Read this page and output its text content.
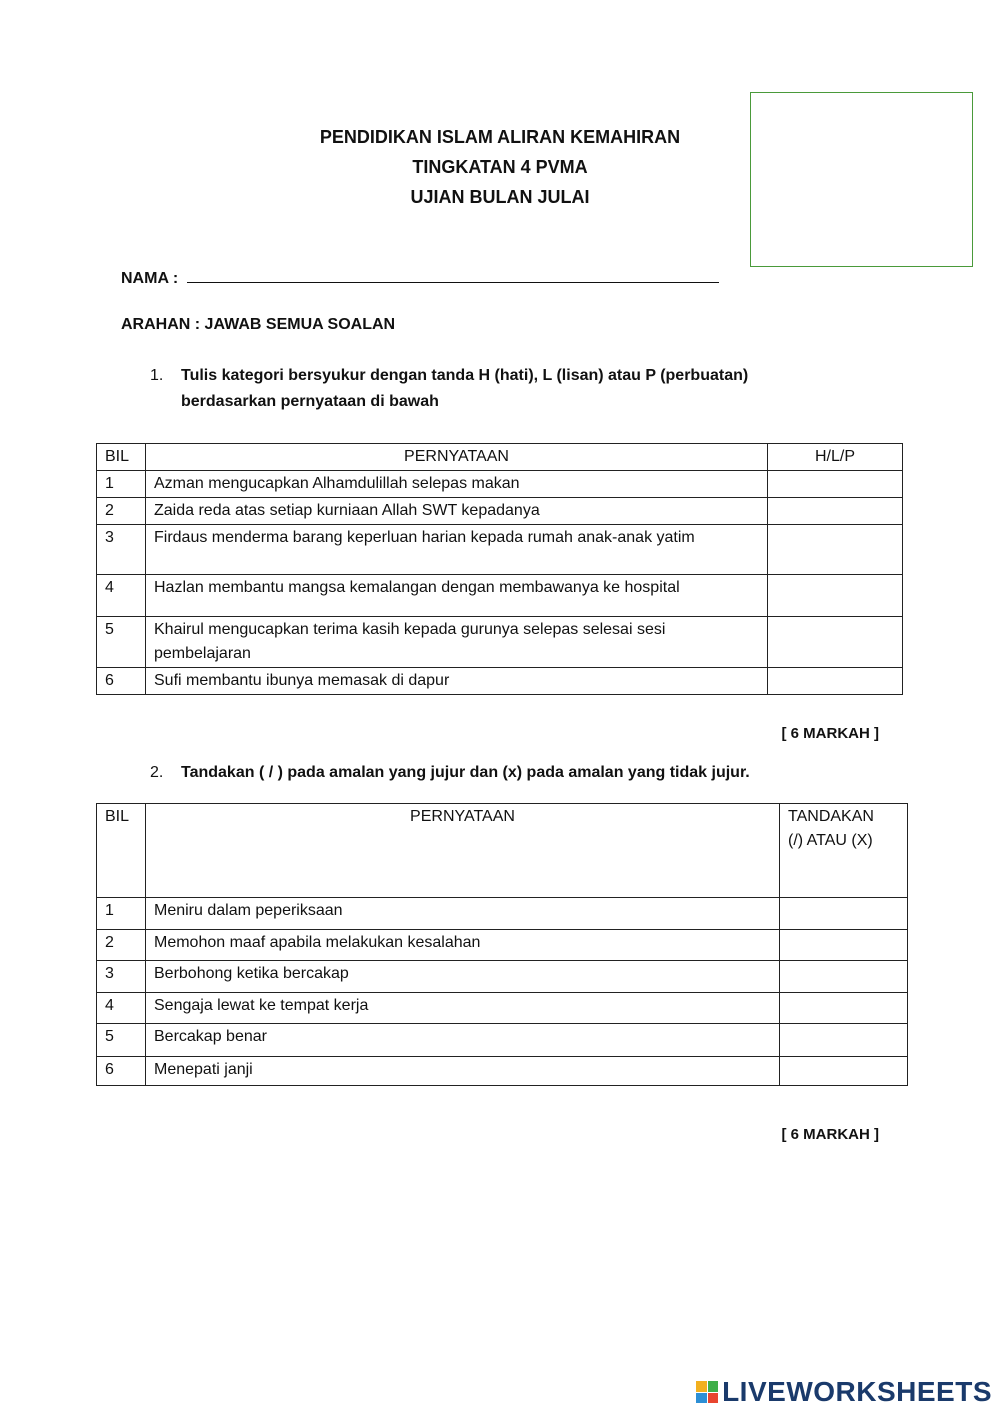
PENDIDIKAN ISLAM ALIRAN KEMAHIRAN
TINGKATAN 4 PVMA
UJIAN BULAN JULAI
NAMA :
ARAHAN : JAWAB SEMUA SOALAN
1. Tulis kategori bersyukur dengan tanda H (hati), L (lisan) atau P (perbuatan) berdasarkan pernyataan di bawah
BIL	PERNYATAAN	H/L/P
1	Azman mengucapkan Alhamdulillah selepas makan	
2	Zaida reda atas setiap kurniaan Allah SWT kepadanya	
3	Firdaus menderma barang keperluan harian kepada rumah anak-anak yatim	
4	Hazlan membantu mangsa kemalangan dengan membawanya ke hospital	
5	Khairul mengucapkan terima kasih kepada gurunya selepas selesai sesi pembelajaran	
6	Sufi membantu ibunya memasak di dapur	
[ 6 MARKAH ]
2. Tandakan ( / ) pada amalan yang jujur dan (x) pada amalan yang tidak jujur.
BIL	PERNYATAAN	TANDAKAN
(/) ATAU (X)

1	Meniru dalam peperiksaan	
2	Memohon maaf apabila melakukan kesalahan	
3	Berbohong ketika bercakap	
4	Sengaja lewat ke tempat kerja	
5	Bercakap benar	
6	Menepati janji	
[ 6 MARKAH ]
LIVEWORKSHEETS
